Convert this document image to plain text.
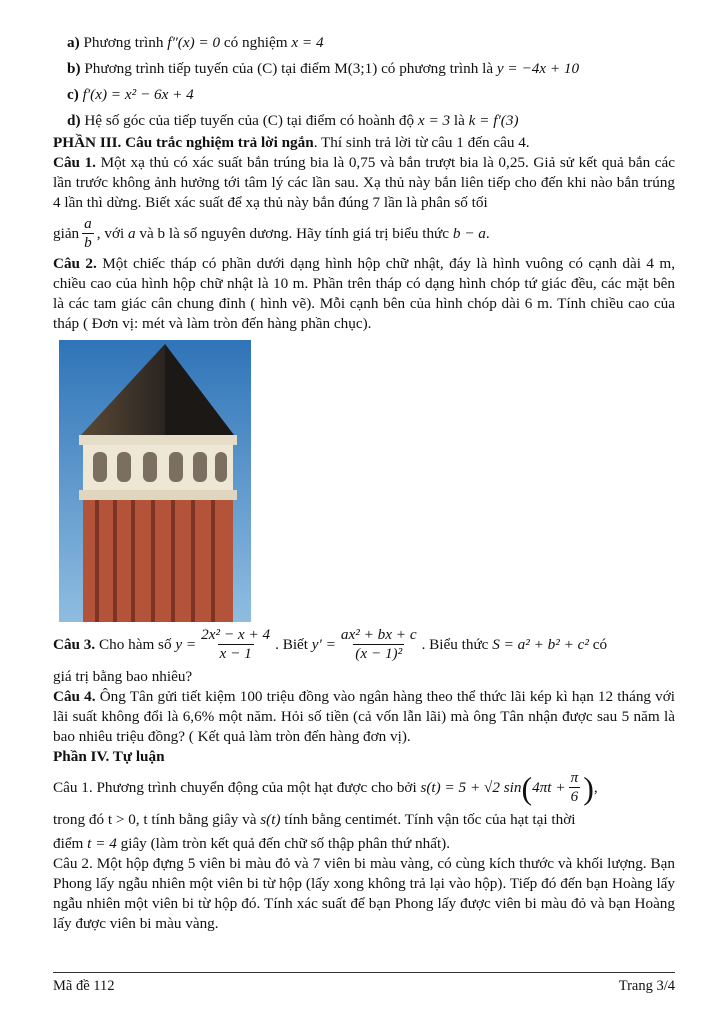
a) Phương trình f″(x) = 0 có nghiệm x = 4
b) Phương trình tiếp tuyến của (C) tại điểm M(3;1) có phương trình là y = −4x + 10
c) f′(x) = x² − 6x + 4
d) Hệ số góc của tiếp tuyến của (C) tại điểm có hoành độ x = 3 là k = f′(3)

PHẦN III. Câu trắc nghiệm trả lời ngắn. Thí sinh trả lời từ câu 1 đến câu 4.

Câu 1. Một xạ thủ có xác suất bắn trúng bia là 0,75 và bắn trượt bia là 0,25. Giả sử kết quả bắn các lần trước không ảnh hưởng tới tâm lý các lần sau. Xạ thủ này bắn liên tiếp cho đến khi nào bắn trúng 4 lần thì dừng. Biết xác suất để xạ thủ này bắn đúng 7 lần là phân số tối

giản $\frac{a}{b}$ , với
a
và b là số nguyên dương. Hãy tính giá trị biểu thức
b − a .

Câu 2. Một chiếc tháp có phần dưới dạng hình hộp chữ nhật, đáy là hình vuông có cạnh dài 4 m, chiều cao của hình hộp chữ nhật là 10 m. Phần trên tháp có dạng hình chóp tứ giác đều, các mặt bên là các tam giác cân chung đỉnh ( hình vẽ). Mỗi cạnh bên của hình chóp dài 6 m. Tính chiều cao của tháp ( Đơn vị: mét và làm tròn đến hàng phần chục).

Câu 3.
Cho hàm số
$y = \frac{\text{2x² − x + 4}}{x - 1}$ . Biết
$y' = \frac{\text{ax² + bx + c}}{\text{(x − 1)²}}$ . Biểu thức
S = a² + b² + c²
có

giá trị bằng bao nhiêu?

Câu 4. Ông Tân gửi tiết kiệm 100 triệu đồng vào ngân hàng theo thể thức lãi kép kì hạn 12 tháng với lãi suất không đổi là 6,6% một năm. Hỏi số tiền (cả vốn lẫn lãi) mà ông Tân nhận được sau 5 năm là bao nhiêu triệu đồng? ( Kết quả làm tròn đến hàng đơn vị).

Phần IV. Tự luận

Câu 1.
Phương trình chuyển động của một hạt được cho bởi
s(t) = 5 + √2 sin ( $4\pi t + \frac{\pi}{6}$ ) ,

trong đó t > 0, t tính bằng giây và s(t) tính bằng centimét. Tính vận tốc của hạt tại thời

điểm t = 4 giây (làm tròn kết quả đến chữ số thập phân thứ nhất).

Câu 2. Một hộp đựng 5 viên bi màu đỏ và 7 viên bi màu vàng, có cùng kích thước và khối lượng. Bạn Phong lấy ngẫu nhiên một viên bi từ hộp (lấy xong không trả lại vào hộp). Tiếp đó đến bạn Hoàng lấy ngẫu nhiên một viên bi từ hộp đó. Tính xác suất để bạn Phong lấy được viên bi màu đỏ và bạn Hoàng lấy được viên bi màu vàng.

Mã đề 112	Trang 3/4
